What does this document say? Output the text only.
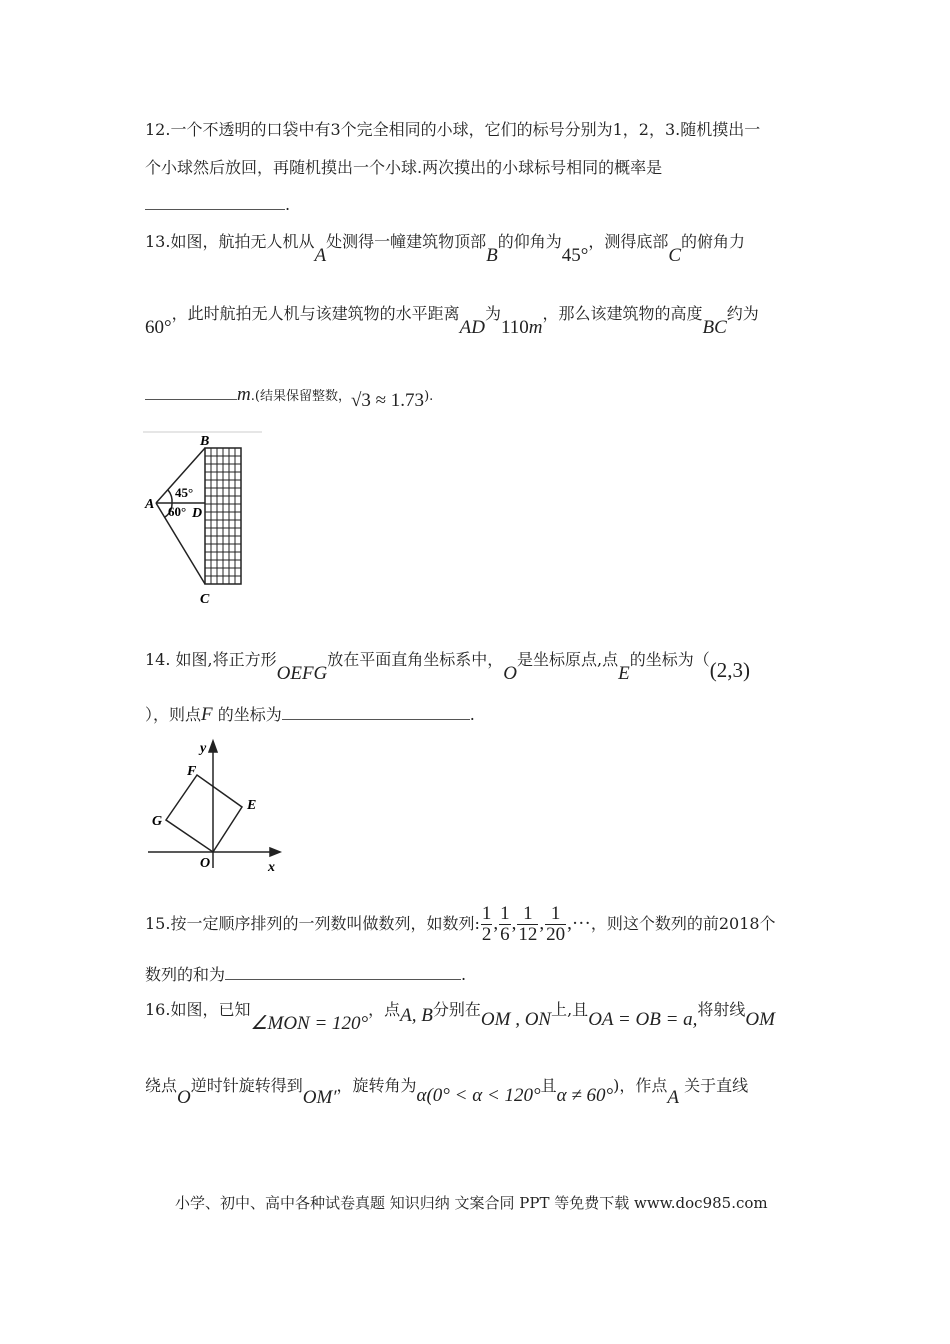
12.一个不透明的口袋中有3个完全相同的小球，它们的标号分别为1，2，3.随机摸出一
个小球然后放回，再随机摸出一个小球.两次摸出的小球标号相同的概率是
.
13.如图，航拍无人机从A处测得一幢建筑物顶部B的仰角为45°，测得底部C的俯角力
60°，此时航拍无人机与该建筑物的水平距离AD为110m，那么该建筑物的高度BC约为
m.(结果保留整数，√3 ≈ 1.73).
B
A
D
C
45°
60°
14. 如图,将正方形OEFG放在平面直角坐标系中，O是坐标原点,点E的坐标为（(2,3)
），则点F 的坐标为	.
y
x
F
G
E
O
15.按一定顺序排列的一列数叫做数列，如数列: $\frac{1}{2}$ , $\frac{1}{6}$ , $\frac{1}{12}$ , $\frac{1}{20}$ ,···，则这个数列的前2018个
数列的和为	.
16.如图，已知∠MON = 120°，点A, B分别在OM , ON上,且OA = OB = a,将射线OM
绕点O逆时针旋转得到OM′，旋转角为α(0° < α < 120°且α ≠ 60°)，作点A 关于直线
小学、初中、高中各种试卷真题 知识归纳 文案合同 PPT 等免费下载 www.doc985.com
